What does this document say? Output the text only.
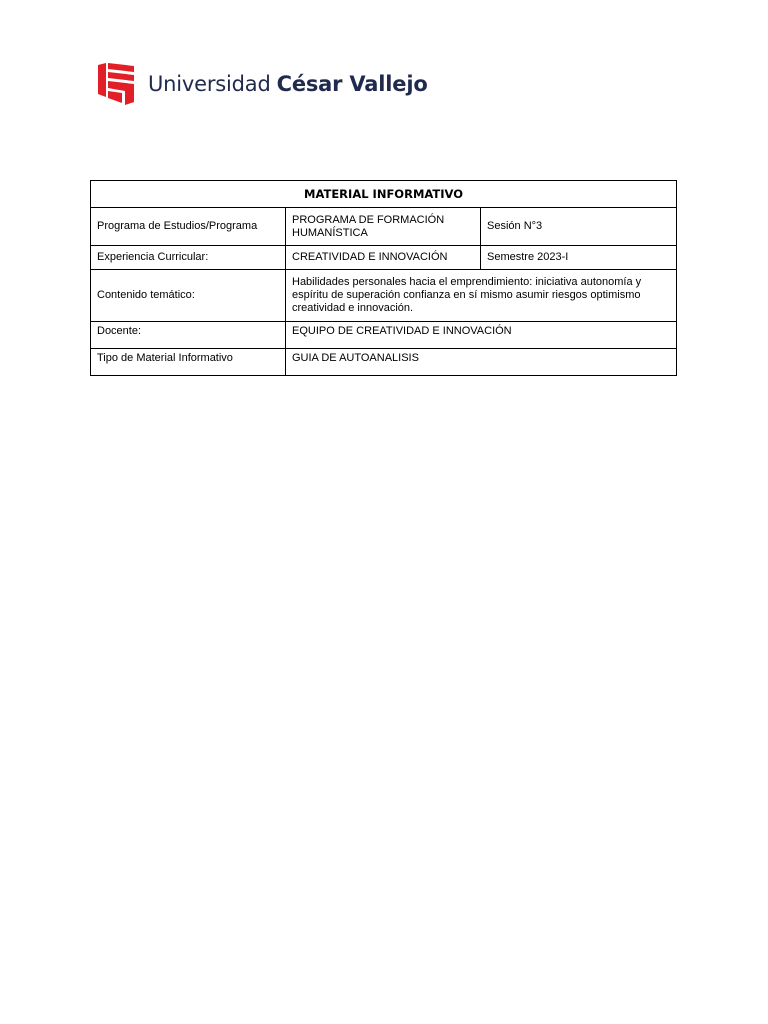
Universidad César Vallejo
MATERIAL INFORMATIVO		
Programa de Estudios/Programa	PROGRAMA DE FORMACIÓN HUMANÍSTICA	Sesión N°3
Experiencia Curricular:	CREATIVIDAD E INNOVACIÓN	Semestre 2023-I
Contenido temático:	Habilidades personales hacia el emprendimiento: iniciativa autonomía y espíritu de superación confianza en sí mismo asumir riesgos optimismo creatividad e innovación.	
Docente:	EQUIPO DE CREATIVIDAD E INNOVACIÓN	
Tipo de Material Informativo	GUIA DE AUTOANALISIS	
